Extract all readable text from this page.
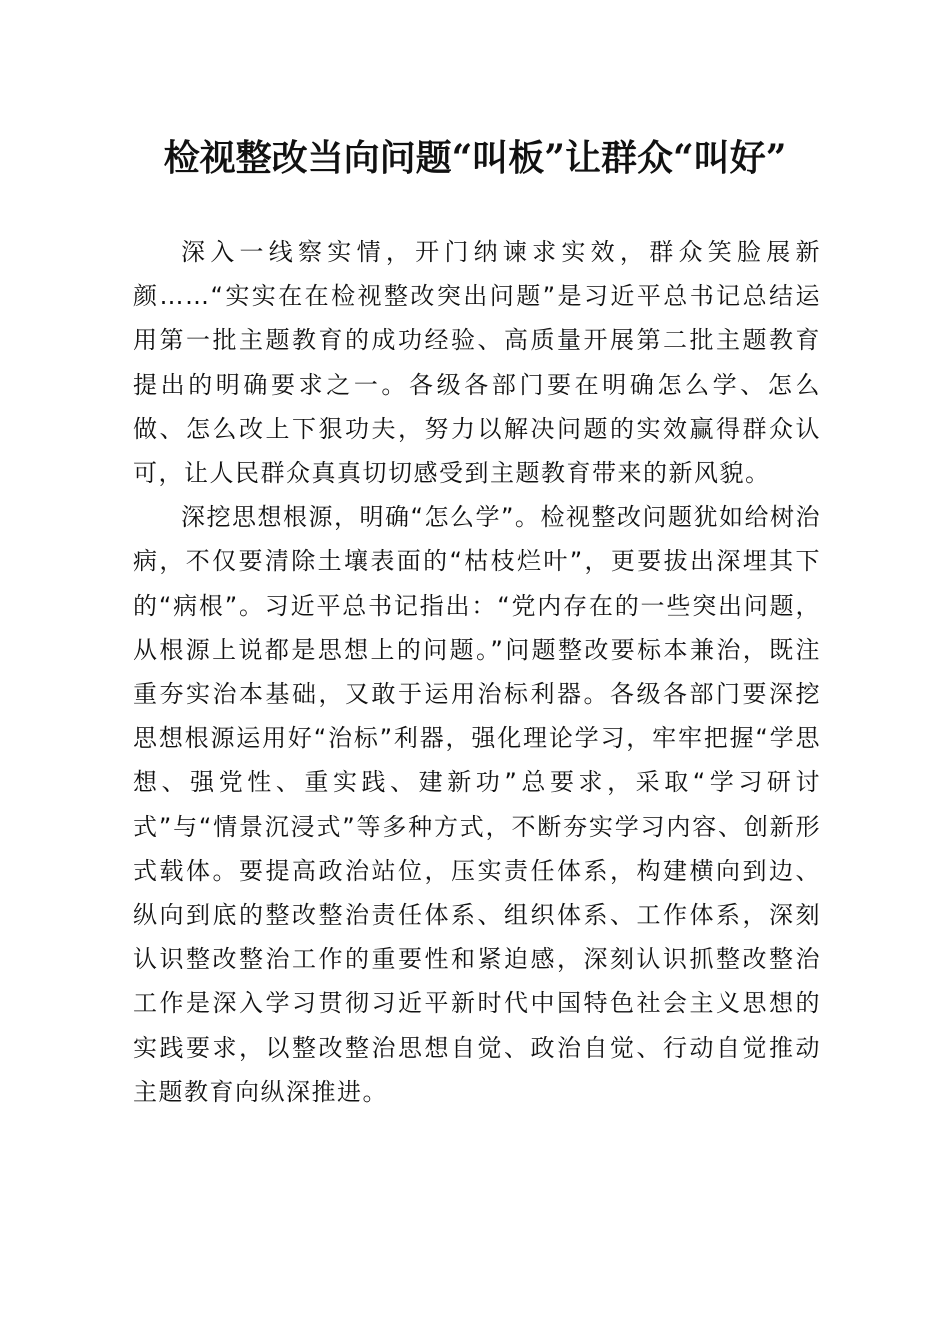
检视整改当向问题“叫板”让群众“叫好”

深入一线察实情，开门纳谏求实效，群众笑脸展新颜……“实实在在检视整改突出问题”是习近平总书记总结运用第一批主题教育的成功经验、高质量开展第二批主题教育提出的明确要求之一。各级各部门要在明确怎么学、怎么做、怎么改上下狠功夫，努力以解决问题的实效赢得群众认可，让人民群众真真切切感受到主题教育带来的新风貌。

深挖思想根源，明确“怎么学”。检视整改问题犹如给树治病，不仅要清除土壤表面的“枯枝烂叶”，更要拔出深埋其下的“病根”。习近平总书记指出：“党内存在的一些突出问题，从根源上说都是思想上的问题。”问题整改要标本兼治，既注重夯实治本基础，又敢于运用治标利器。各级各部门要深挖思想根源运用好“治标”利器，强化理论学习，牢牢把握“学思想、强党性、重实践、建新功”总要求，采取“学习研讨式”与“情景沉浸式”等多种方式，不断夯实学习内容、创新形式载体。要提高政治站位，压实责任体系，构建横向到边、纵向到底的整改整治责任体系、组织体系、工作体系，深刻认识整改整治工作的重要性和紧迫感，深刻认识抓整改整治工作是深入学习贯彻习近平新时代中国特色社会主义思想的实践要求，以整改整治思想自觉、政治自觉、行动自觉推动主题教育向纵深推进。
